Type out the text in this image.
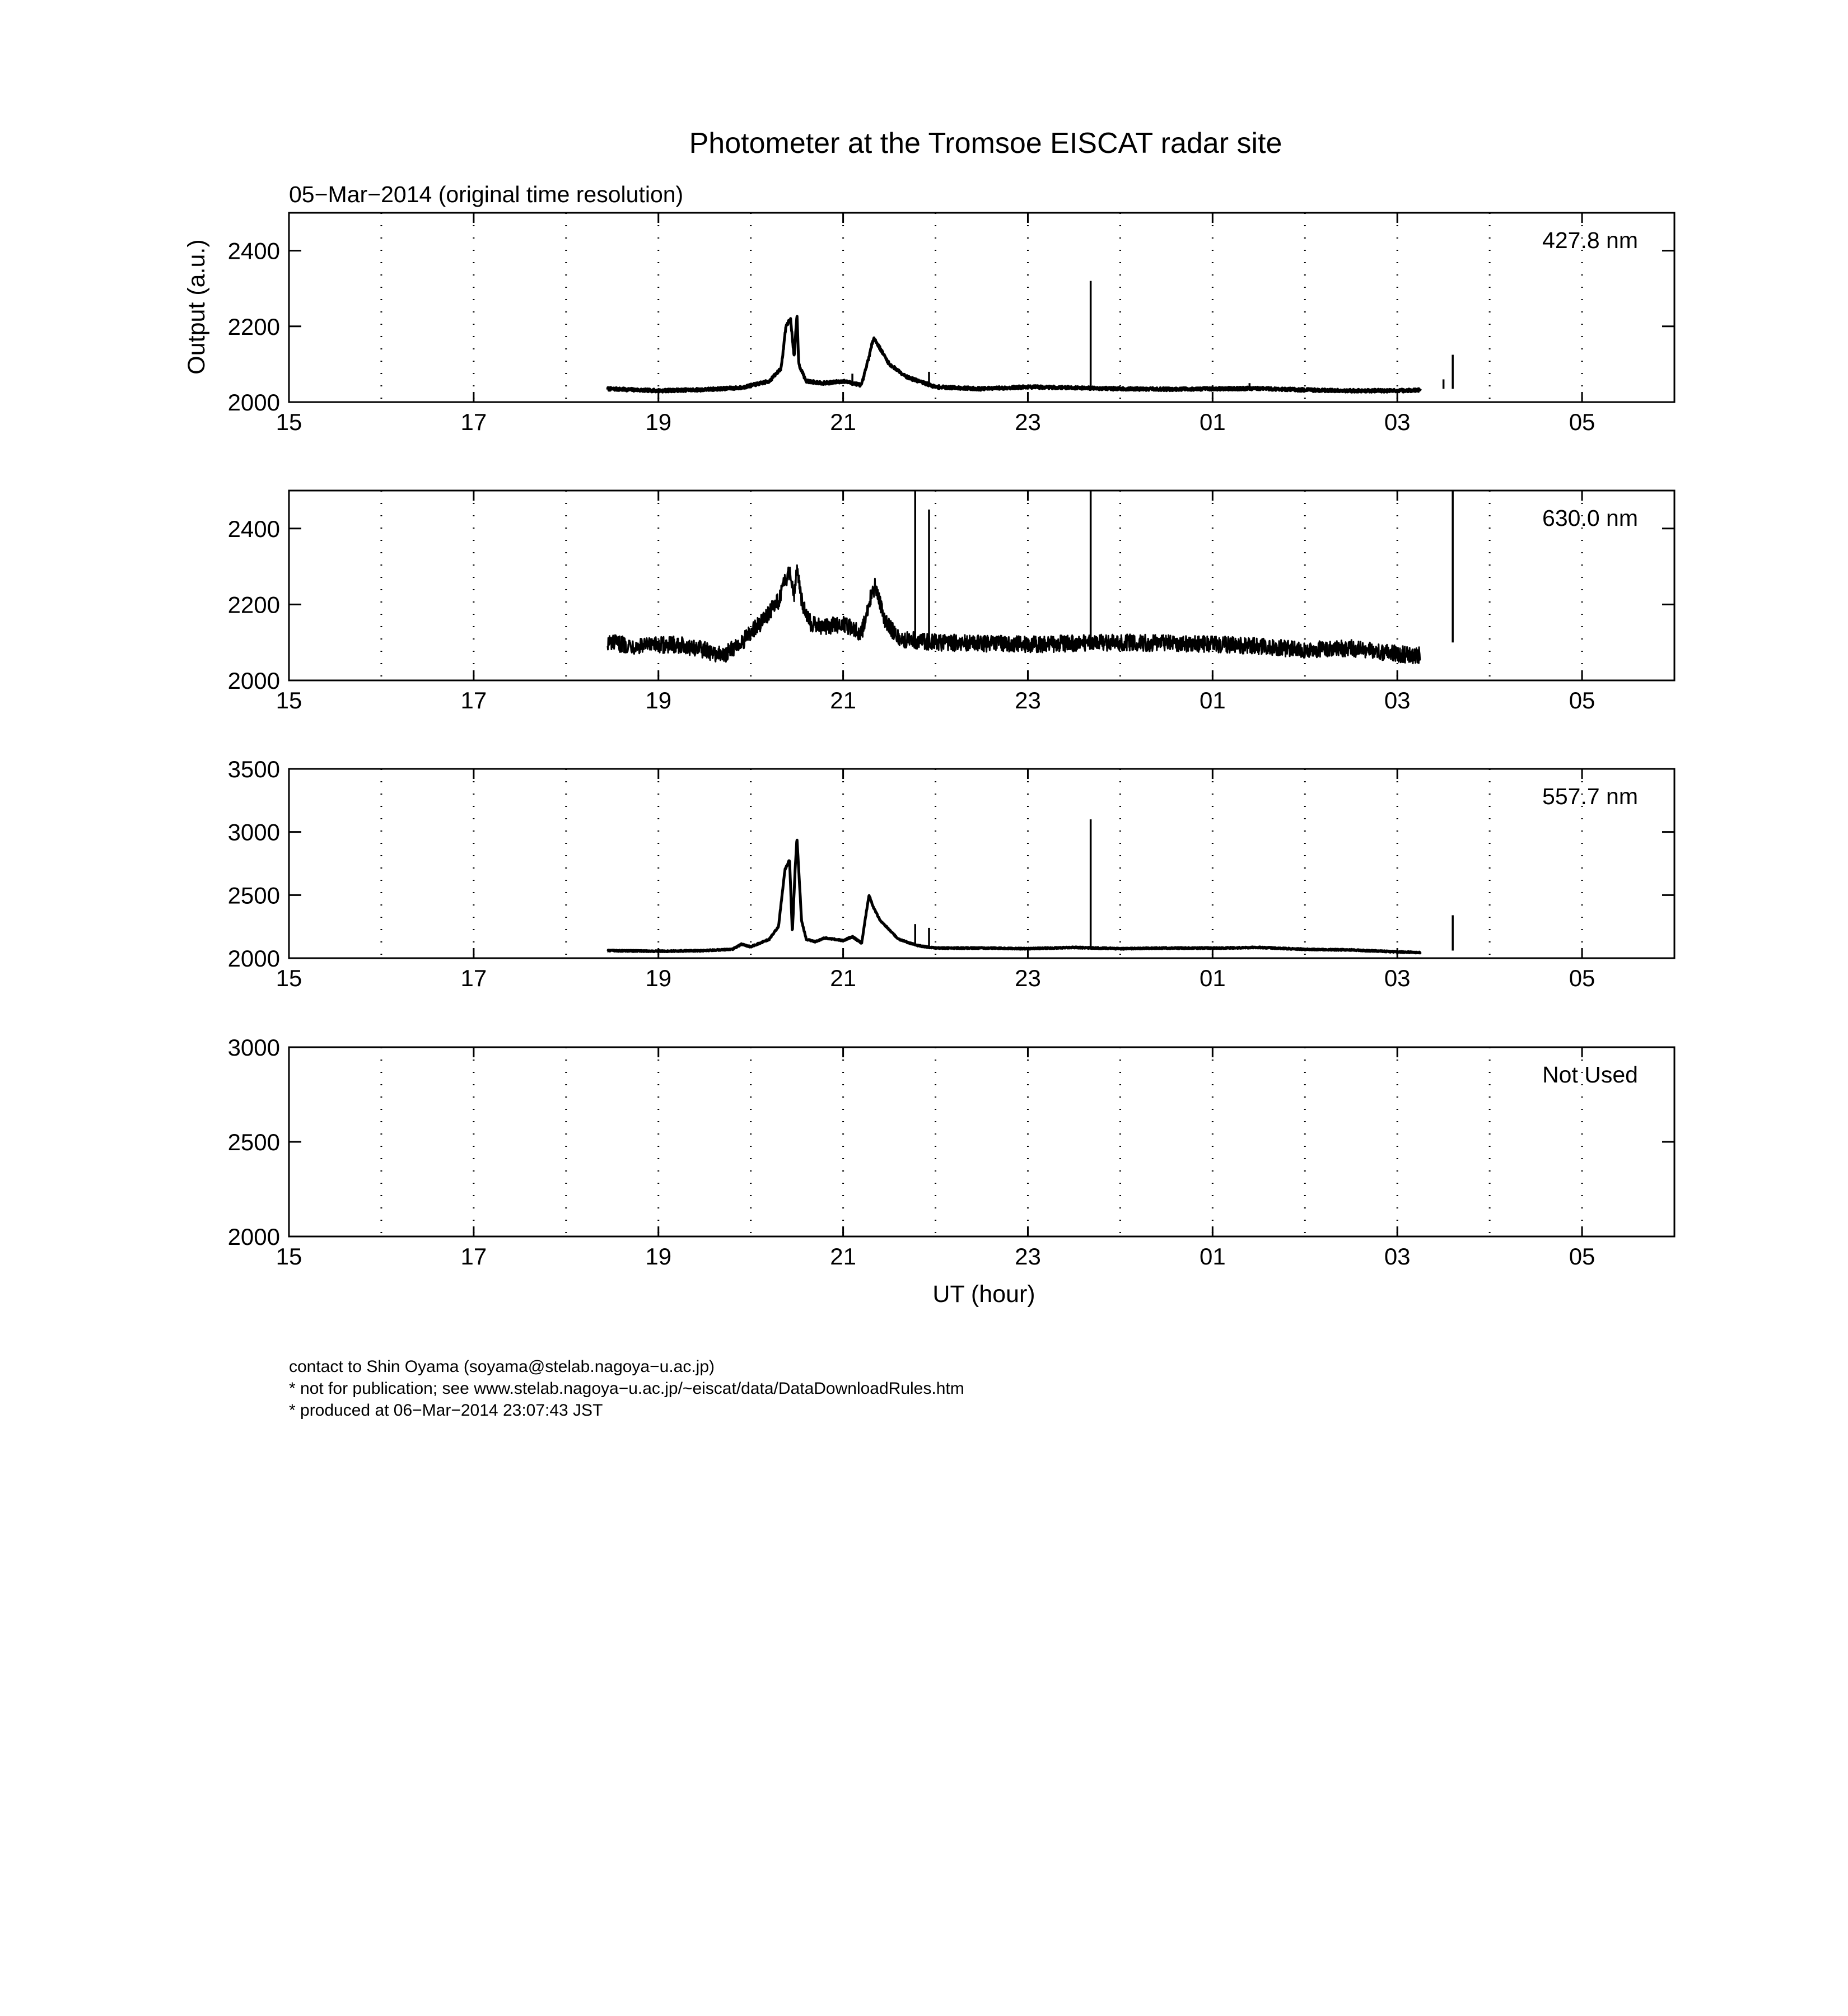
Photometer at the Tromsoe EISCAT radar site
05−Mar−2014 (original time resolution)
Output (a.u.)
UT (hour)
15	17	19	21	23	01	03	05
2000
2200
2400	427.8 nm
15	17	19	21	23	01	03	05
2000
2200
2400	630.0 nm
15	17	19	21	23	01	03	05
2000
2500
3000
3500
557.7 nm
15	17	19	21	23	01	03	05
2000
2500
3000
Not Used
contact to Shin Oyama (soyama@stelab.nagoya−u.ac.jp)
* not for publication; see www.stelab.nagoya−u.ac.jp/~eiscat/data/DataDownloadRules.htm
* produced at 06−Mar−2014 23:07:43 JST
